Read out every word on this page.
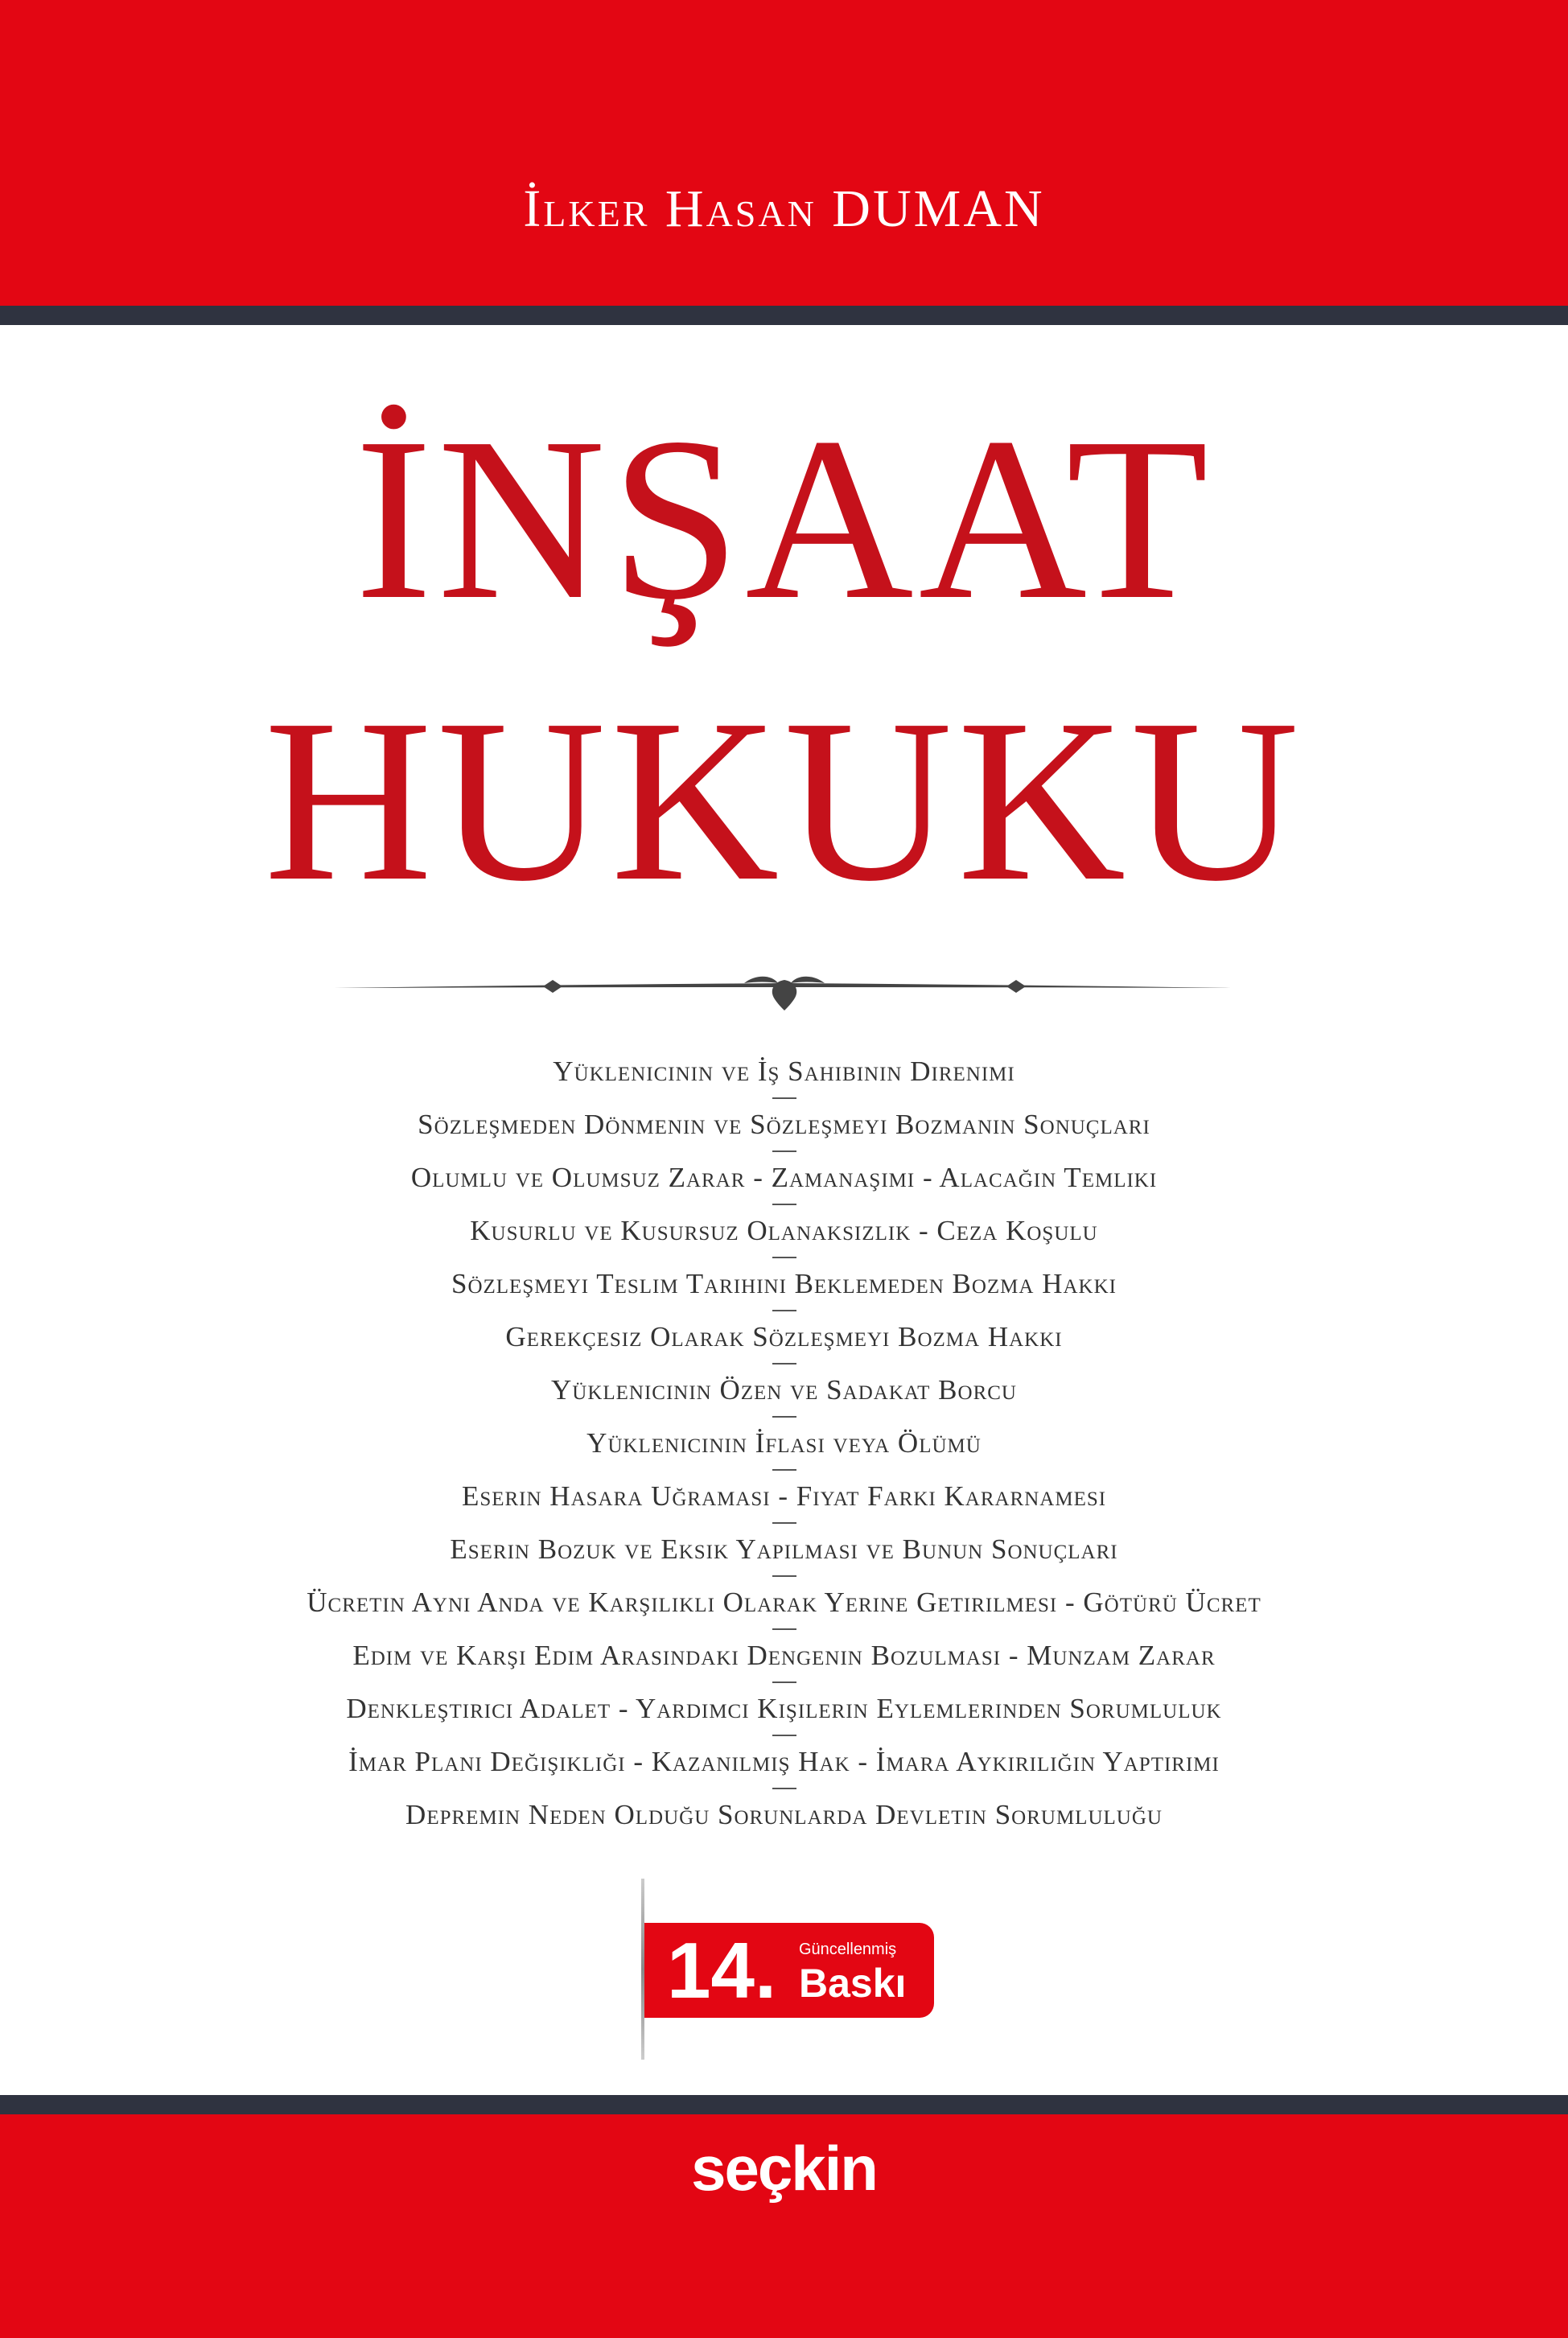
İlker Hasan DUMAN
İNŞAAT
HUKUKU
Yüklenicinin ve İş Sahibinin Direnimi
Sözleşmeden Dönmenin ve Sözleşmeyi Bozmanın Sonuçları
Olumlu ve Olumsuz Zarar - Zamanaşımı - Alacağın Temliki
Kusurlu ve Kusursuz Olanaksızlık - Ceza Koşulu
Sözleşmeyi Teslim Tarihini Beklemeden Bozma Hakkı
Gerekçesiz Olarak Sözleşmeyi Bozma Hakkı
Yüklenicinin Özen ve Sadakat Borcu
Yüklenicinin İflası veya Ölümü
Eserin Hasara Uğraması - Fiyat Farkı Kararnamesi
Eserin Bozuk ve Eksik Yapılması ve Bunun Sonuçları
Ücretin Aynı Anda ve Karşılıklı Olarak Yerine Getirilmesi - Götürü Ücret
Edim ve Karşı Edim Arasındaki Dengenin Bozulması - Munzam Zarar
Denkleştirici Adalet - Yardımcı Kişilerin Eylemlerinden Sorumluluk
İmar Planı Değişikliği - Kazanılmış Hak - İmara Aykırılığın Yaptırımı
Depremin Neden Olduğu Sorunlarda Devletin Sorumluluğu
14. Güncellenmiş
Baskı
seçkin
